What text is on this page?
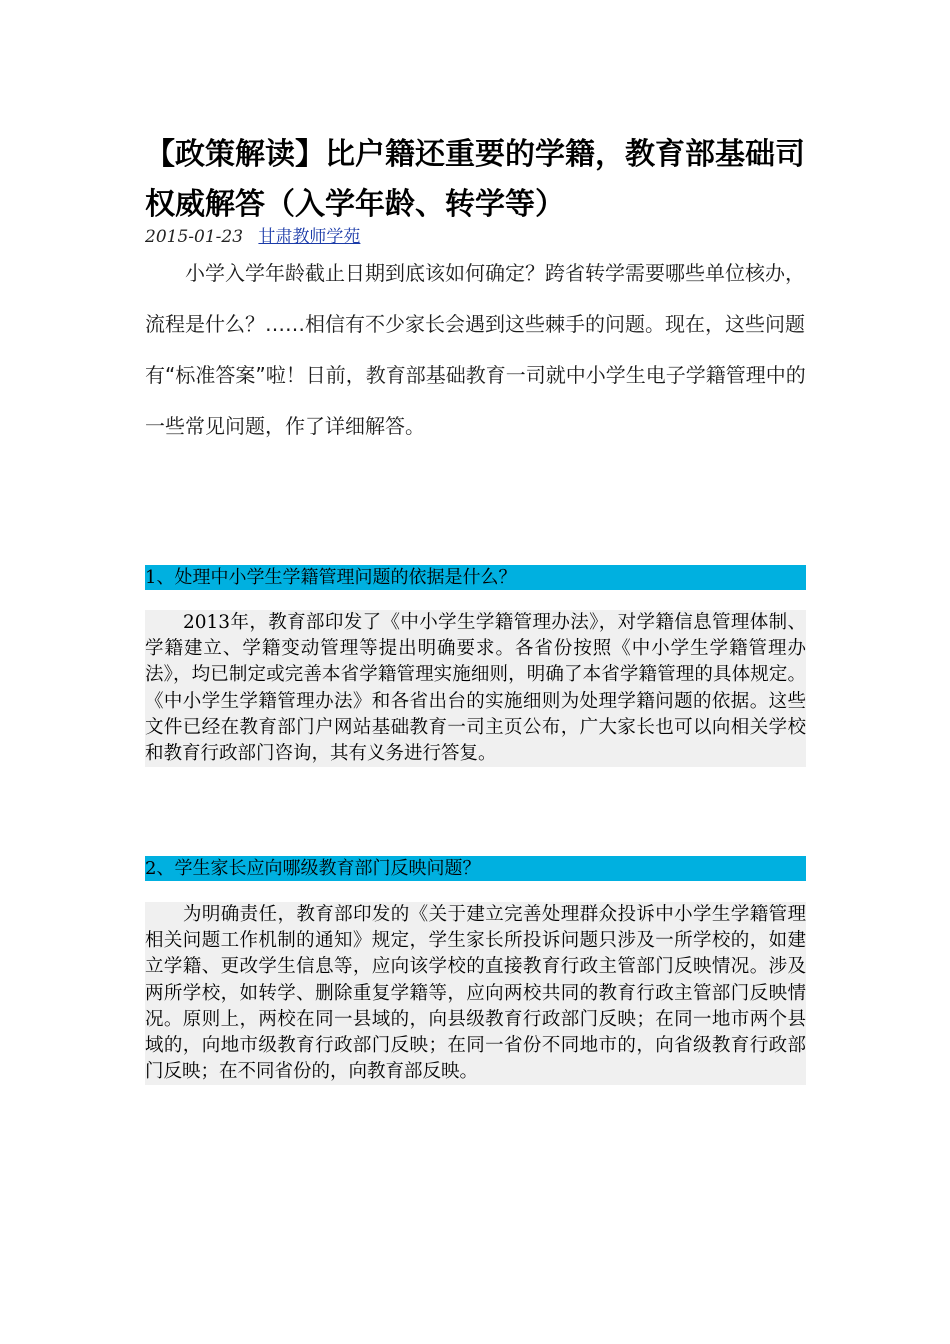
【政策解读】比户籍还重要的学籍，教育部基础司权威解答（入学年龄、转学等）
2015-01-23 甘肃教师学苑

小学入学年龄截止日期到底该如何确定？跨省转学需要哪些单位核办，流程是什么？……相信有不少家长会遇到这些棘手的问题。现在，这些问题有“标准答案”啦！日前，教育部基础教育一司就中小学生电子学籍管理中的一些常见问题，作了详细解答。

1、处理中小学生学籍管理问题的依据是什么？

2013年，教育部印发了《中小学生学籍管理办法》，对学籍信息管理体制、学籍建立、学籍变动管理等提出明确要求。各省份按照《中小学生学籍管理办法》，均已制定或完善本省学籍管理实施细则，明确了本省学籍管理的具体规定。《中小学生学籍管理办法》和各省出台的实施细则为处理学籍问题的依据。这些文件已经在教育部门户网站基础教育一司主页公布，广大家长也可以向相关学校和教育行政部门咨询，其有义务进行答复。

2、学生家长应向哪级教育部门反映问题？

为明确责任，教育部印发的《关于建立完善处理群众投诉中小学生学籍管理相关问题工作机制的通知》规定，学生家长所投诉问题只涉及一所学校的，如建立学籍、更改学生信息等，应向该学校的直接教育行政主管部门反映情况。涉及两所学校，如转学、删除重复学籍等，应向两校共同的教育行政主管部门反映情况。原则上，两校在同一县域的，向县级教育行政部门反映；在同一地市两个县域的，向地市级教育行政部门反映；在同一省份不同地市的，向省级教育行政部门反映；在不同省份的，向教育部反映。
